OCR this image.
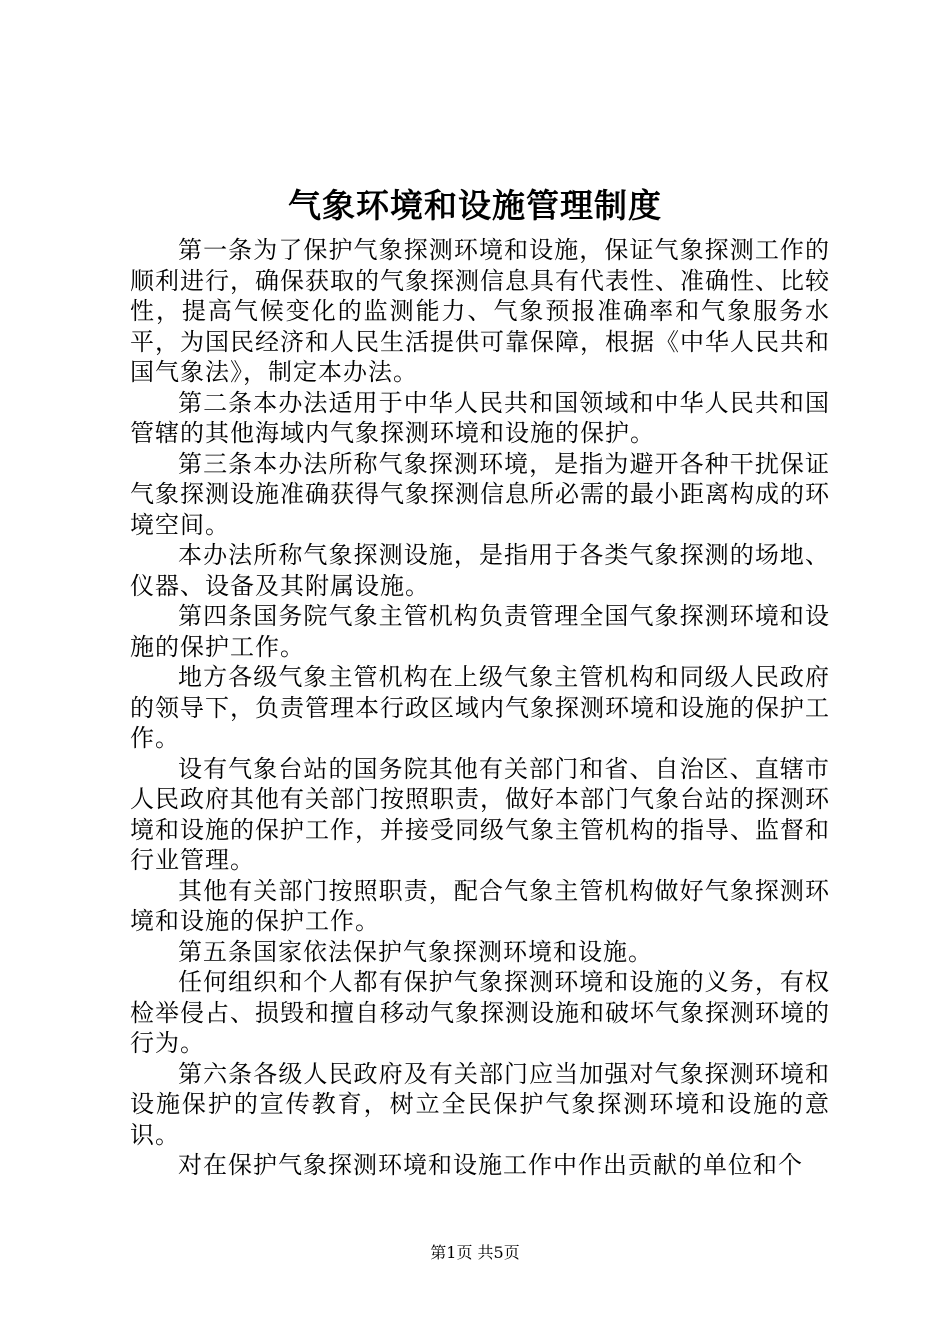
气象环境和设施管理制度

第一条为了保护气象探测环境和设施，保证气象探测工作的顺利进行，确保获取的气象探测信息具有代表性、准确性、比较性，提高气候变化的监测能力、气象预报准确率和气象服务水平，为国民经济和人民生活提供可靠保障，根据《中华人民共和国气象法》，制定本办法。

第二条本办法适用于中华人民共和国领域和中华人民共和国管辖的其他海域内气象探测环境和设施的保护。

第三条本办法所称气象探测环境，是指为避开各种干扰保证气象探测设施准确获得气象探测信息所必需的最小距离构成的环境空间。

本办法所称气象探测设施，是指用于各类气象探测的场地、仪器、设备及其附属设施。

第四条国务院气象主管机构负责管理全国气象探测环境和设施的保护工作。

地方各级气象主管机构在上级气象主管机构和同级人民政府的领导下，负责管理本行政区域内气象探测环境和设施的保护工作。

设有气象台站的国务院其他有关部门和省、自治区、直辖市人民政府其他有关部门按照职责，做好本部门气象台站的探测环境和设施的保护工作，并接受同级气象主管机构的指导、监督和行业管理。

其他有关部门按照职责，配合气象主管机构做好气象探测环境和设施的保护工作。

第五条国家依法保护气象探测环境和设施。

任何组织和个人都有保护气象探测环境和设施的义务，有权检举侵占、损毁和擅自移动气象探测设施和破坏气象探测环境的行为。

第六条各级人民政府及有关部门应当加强对气象探测环境和设施保护的宣传教育，树立全民保护气象探测环境和设施的意识。

对在保护气象探测环境和设施工作中作出贡献的单位和个

第1页 共5页
